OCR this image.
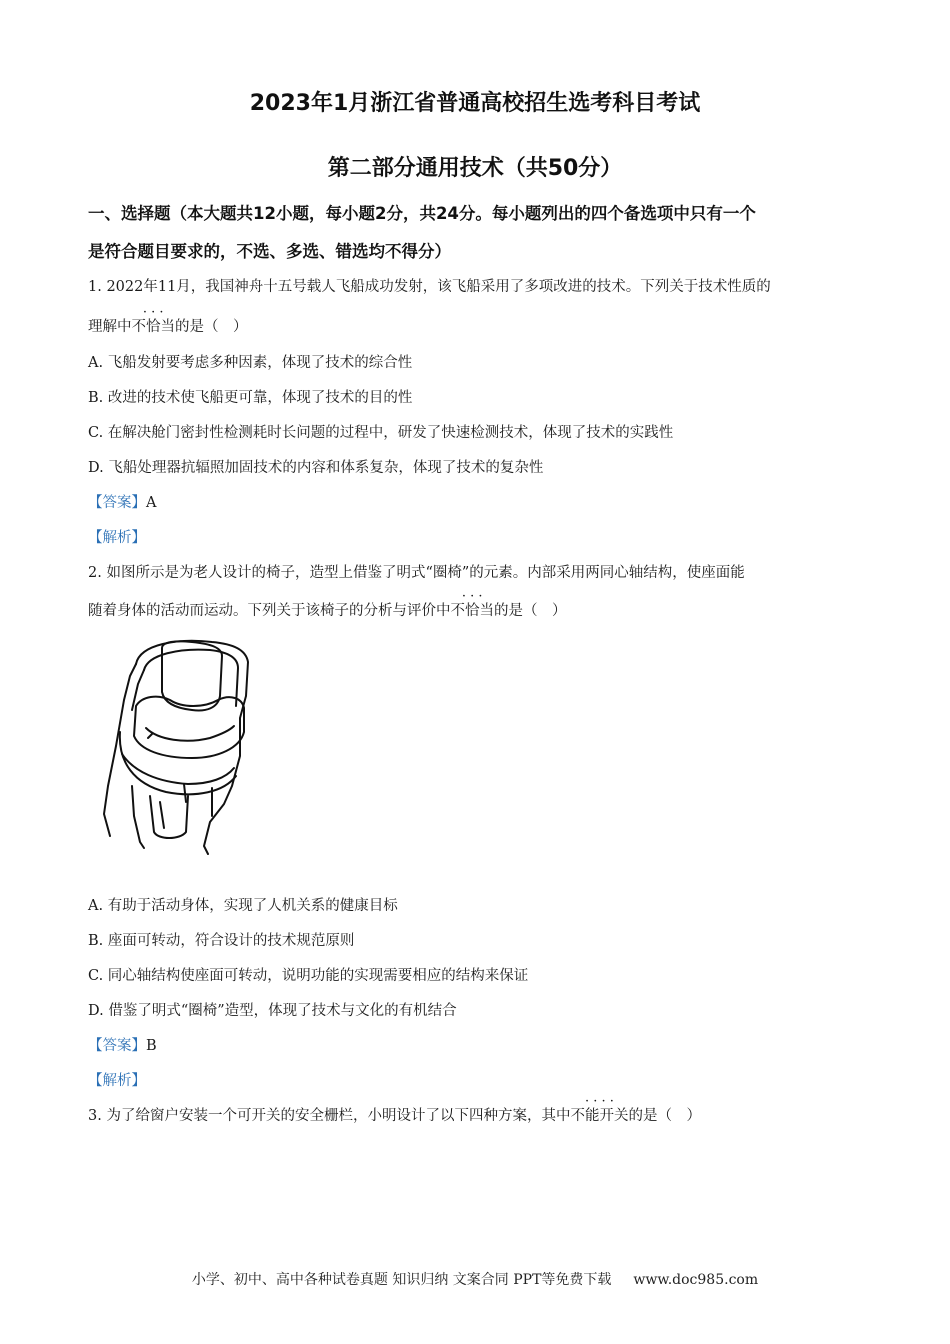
2023年1月浙江省普通高校招生选考科目考试
第二部分通用技术（共50分）
一、选择题（本大题共12小题，每小题2分，共24分。每小题列出的四个备选项中只有一个
是符合题目要求的，不选、多选、错选均不得分）
1. 2022年11月，我国神舟十五号载人飞船成功发射，该飞船采用了多项改进的技术。下列关于技术性质的
理解中· · · 不恰当的是（　）
A. 飞船发射要考虑多种因素，体现了技术的综合性
B. 改进的技术使飞船更可靠，体现了技术的目的性
C. 在解决舱门密封性检测耗时长问题的过程中，研发了快速检测技术，体现了技术的实践性
D. 飞船处理器抗辐照加固技术的内容和体系复杂，体现了技术的复杂性
【答案】A
【解析】
2. 如图所示是为老人设计的椅子，造型上借鉴了明式“圈椅”的元素。内部采用两同心轴结构，使座面能
随着身体的活动而运动。下列关于该椅子的分析与评价中· · · 不恰当的是（　）
A. 有助于活动身体，实现了人机关系的健康目标
B. 座面可转动，符合设计的技术规范原则
C. 同心轴结构使座面可转动，说明功能的实现需要相应的结构来保证
D. 借鉴了明式“圈椅”造型，体现了技术与文化的有机结合
【答案】B
【解析】
3. 为了给窗户安装一个可开关的安全栅栏，小明设计了以下四种方案，其中· · · · 不能开关的是（　）
小学、初中、高中各种试卷真题 知识归纳 文案合同 PPT等免费下载 www.doc985.com
